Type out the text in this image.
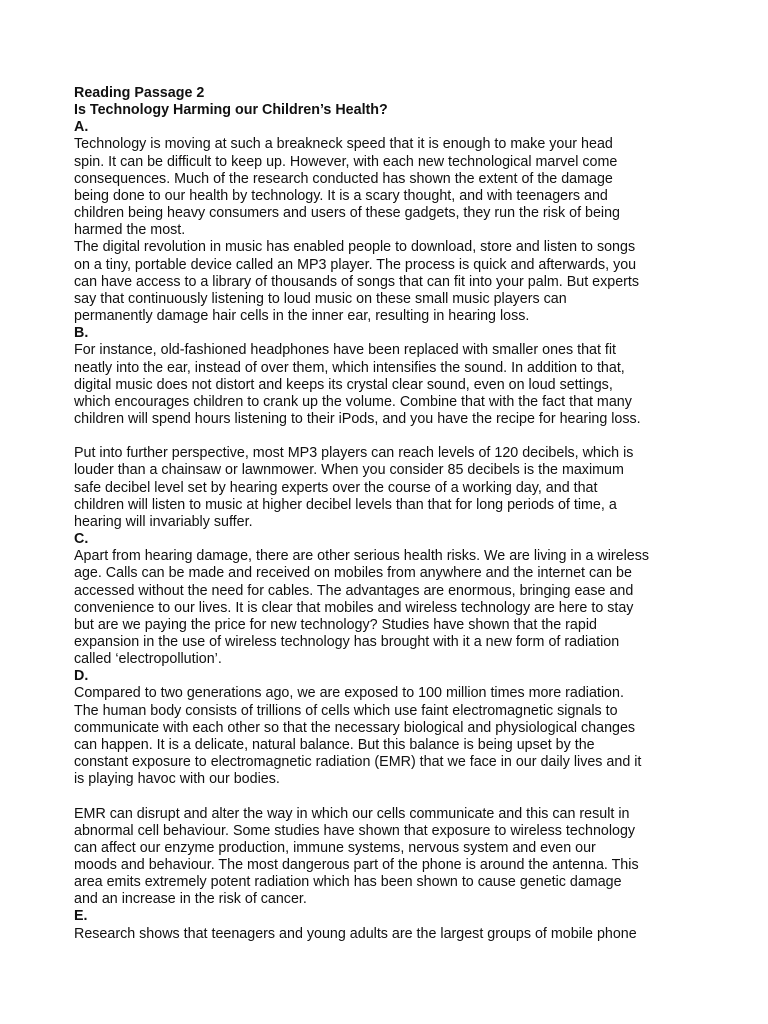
Reading Passage 2
Is Technology Harming our Children’s Health?
A.
Technology is moving at such a breakneck speed that it is enough to make your head
spin. It can be difficult to keep up. However, with each new technological marvel come
consequences. Much of the research conducted has shown the extent of the damage
being done to our health by technology. It is a scary thought, and with teenagers and
children being heavy consumers and users of these gadgets, they run the risk of being
harmed the most.
The digital revolution in music has enabled people to download, store and listen to songs
on a tiny, portable device called an MP3 player. The process is quick and afterwards, you
can have access to a library of thousands of songs that can fit into your palm. But experts
say that continuously listening to loud music on these small music players can
permanently damage hair cells in the inner ear, resulting in hearing loss.
B.
For instance, old-fashioned headphones have been replaced with smaller ones that fit
neatly into the ear, instead of over them, which intensifies the sound. In addition to that,
digital music does not distort and keeps its crystal clear sound, even on loud settings,
which encourages children to crank up the volume. Combine that with the fact that many
children will spend hours listening to their iPods, and you have the recipe for hearing loss.
Put into further perspective, most MP3 players can reach levels of 120 decibels, which is
louder than a chainsaw or lawnmower. When you consider 85 decibels is the maximum
safe decibel level set by hearing experts over the course of a working day, and that
children will listen to music at higher decibel levels than that for long periods of time, a
hearing will invariably suffer.
C.
Apart from hearing damage, there are other serious health risks. We are living in a wireless
age. Calls can be made and received on mobiles from anywhere and the internet can be
accessed without the need for cables. The advantages are enormous, bringing ease and
convenience to our lives. It is clear that mobiles and wireless technology are here to stay
but are we paying the price for new technology? Studies have shown that the rapid
expansion in the use of wireless technology has brought with it a new form of radiation
called ‘electropollution’.
D.
Compared to two generations ago, we are exposed to 100 million times more radiation.
The human body consists of trillions of cells which use faint electromagnetic signals to
communicate with each other so that the necessary biological and physiological changes
can happen. It is a delicate, natural balance. But this balance is being upset by the
constant exposure to electromagnetic radiation (EMR) that we face in our daily lives and it
is playing havoc with our bodies.
EMR can disrupt and alter the way in which our cells communicate and this can result in
abnormal cell behaviour. Some studies have shown that exposure to wireless technology
can affect our enzyme production, immune systems, nervous system and even our
moods and behaviour. The most dangerous part of the phone is around the antenna. This
area emits extremely potent radiation which has been shown to cause genetic damage
and an increase in the risk of cancer.
E.
Research shows that teenagers and young adults are the largest groups of mobile phone
